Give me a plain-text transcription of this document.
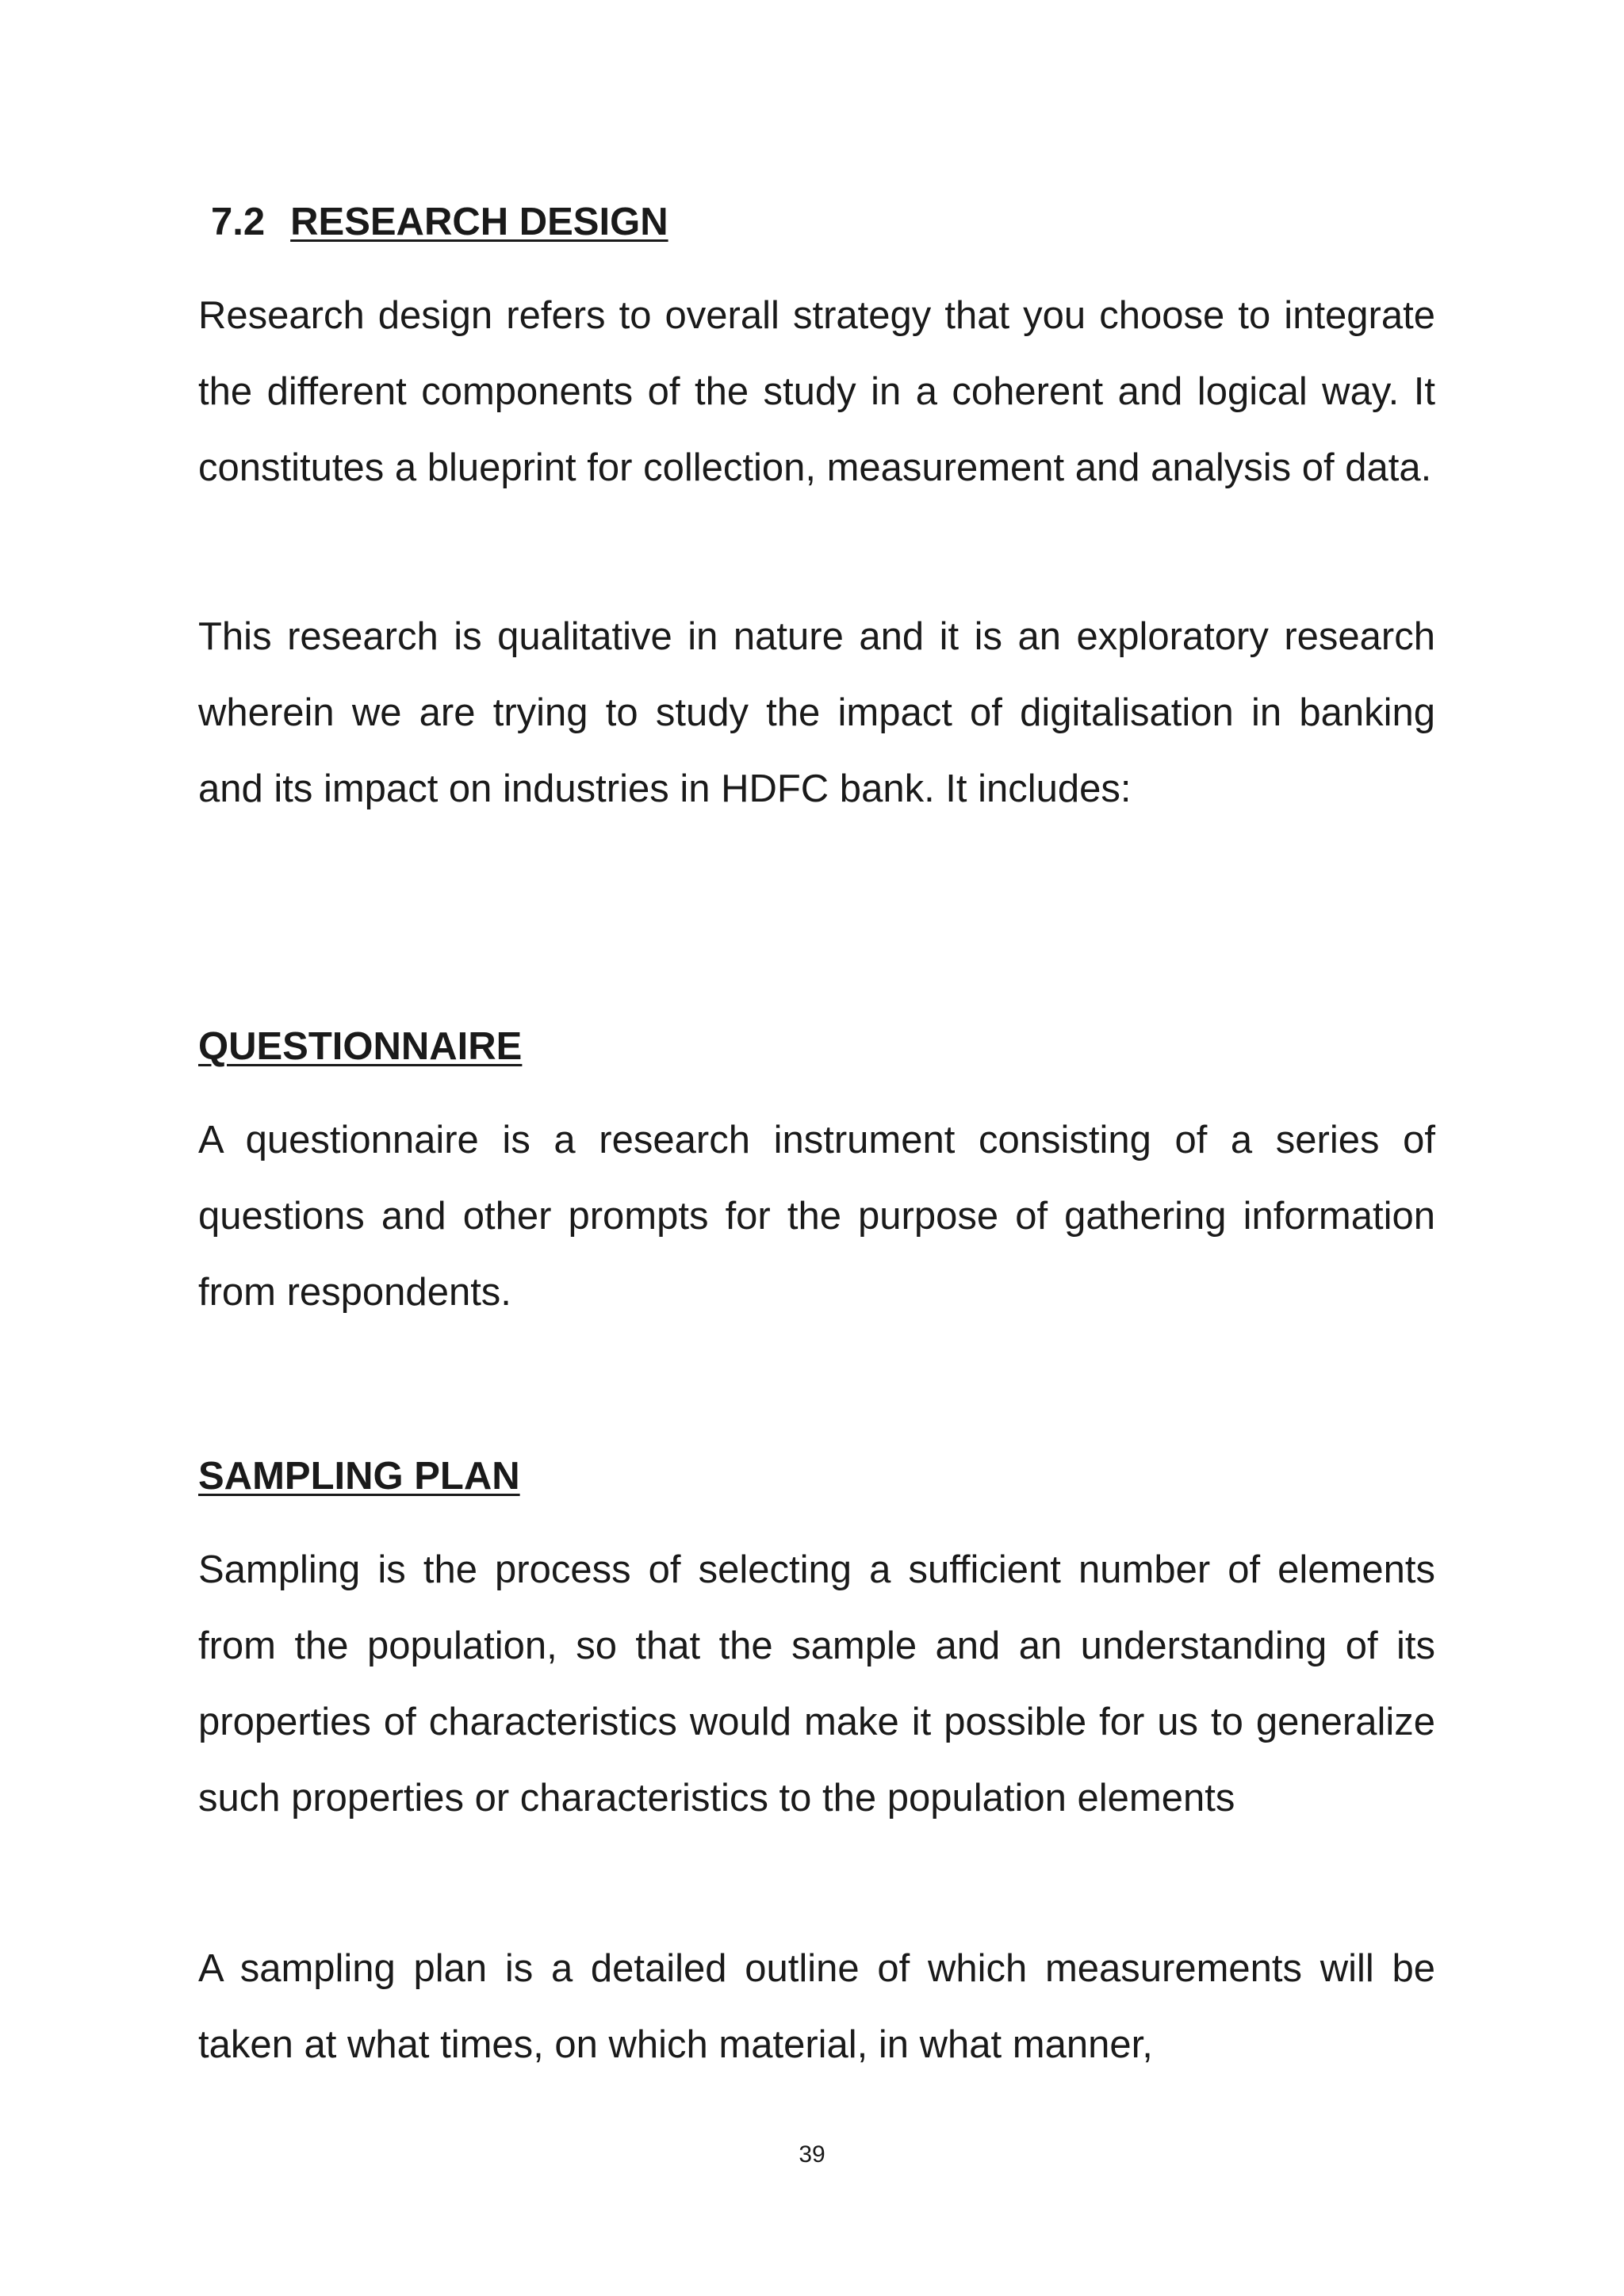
7.2 RESEARCH DESIGN

Research design refers to overall strategy that you choose to integrate the different components of the study in a coherent and logical way. It constitutes a blueprint for collection, measurement and analysis of data.

This research is qualitative in nature and it is an exploratory research wherein we are trying to study the impact of digitalisation in banking and its impact on industries in HDFC bank. It includes:

QUESTIONNAIRE

A questionnaire is a research instrument consisting of a series of questions and other prompts for the purpose of gathering information from respondents.

SAMPLING PLAN

Sampling is the process of selecting a sufficient number of elements from the population, so that the sample and an understanding of its properties of characteristics would make it possible for us to generalize such properties or characteristics to the population elements

A sampling plan is a detailed outline of which measurements will be taken at what times, on which material, in what manner,

39
